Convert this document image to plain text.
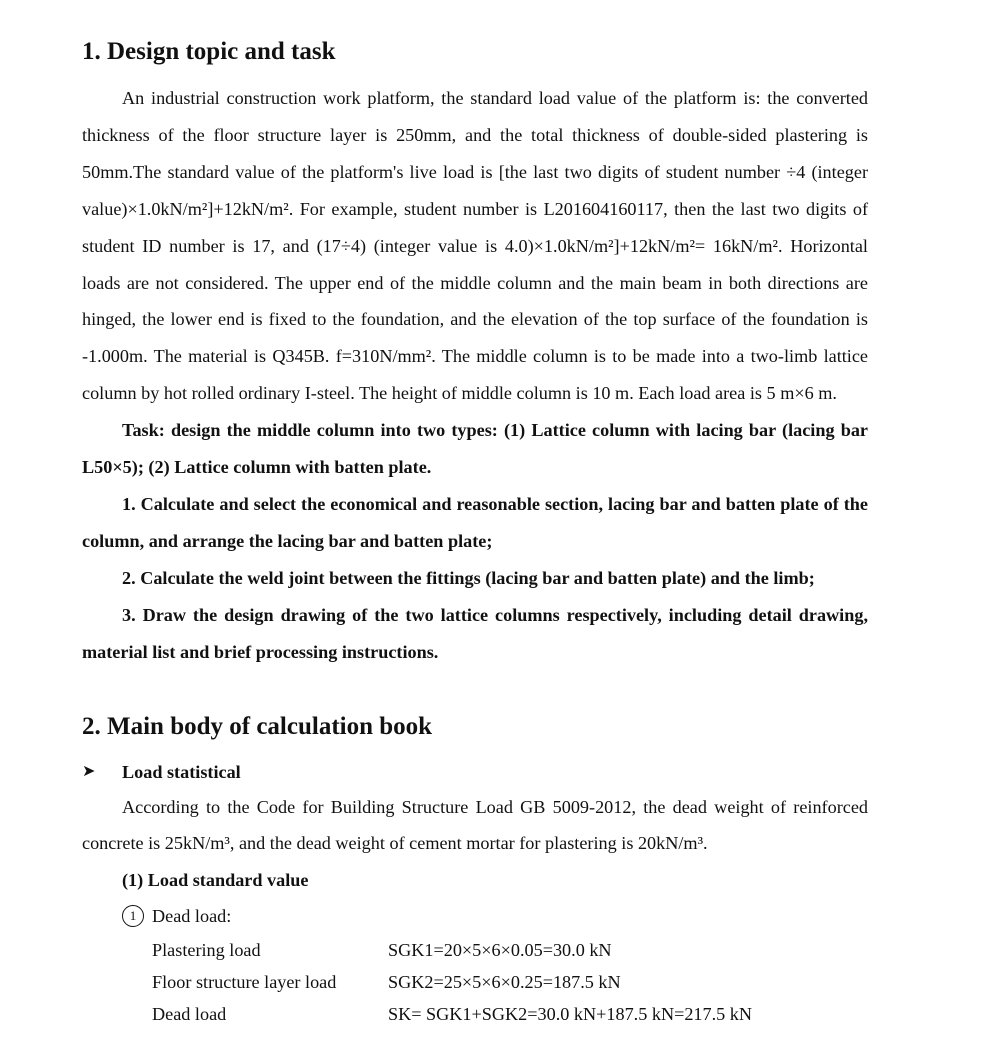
1. Design topic and task

An industrial construction work platform, the standard load value of the platform is: the converted thickness of the floor structure layer is 250mm, and the total thickness of double-sided plastering is 50mm.The standard value of the platform's live load is [the last two digits of student number ÷4 (integer value)×1.0kN/m²]+12kN/m². For example, student number is L201604160117, then the last two digits of student ID number is 17, and (17÷4) (integer value is 4.0)×1.0kN/m²]+12kN/m²= 16kN/m². Horizontal loads are not considered. The upper end of the middle column and the main beam in both directions are hinged, the lower end is fixed to the foundation, and the elevation of the top surface of the foundation is -1.000m. The material is Q345B. f=310N/mm². The middle column is to be made into a two-limb lattice column by hot rolled ordinary I-steel. The height of middle column is 10 m. Each load area is 5 m×6 m.

Task: design the middle column into two types: (1) Lattice column with lacing bar (lacing bar L50×5); (2) Lattice column with batten plate.

1. Calculate and select the economical and reasonable section, lacing bar and batten plate of the column, and arrange the lacing bar and batten plate;

2. Calculate the weld joint between the fittings (lacing bar and batten plate) and the limb;

3. Draw the design drawing of the two lattice columns respectively, including detail drawing, material list and brief processing instructions.

2. Main body of calculation book
➤	Load statistical

According to the Code for Building Structure Load GB 5009-2012, the dead weight of reinforced concrete is 25kN/m³, and the dead weight of cement mortar for plastering is 20kN/m³.

(1) Load standard value
1 Dead load:
Plastering load	SGK1=20×5×6×0.05=30.0 kN
Floor structure layer load	SGK2=25×5×6×0.25=187.5 kN
Dead load	SK= SGK1+SGK2=30.0 kN+187.5 kN=217.5 kN
